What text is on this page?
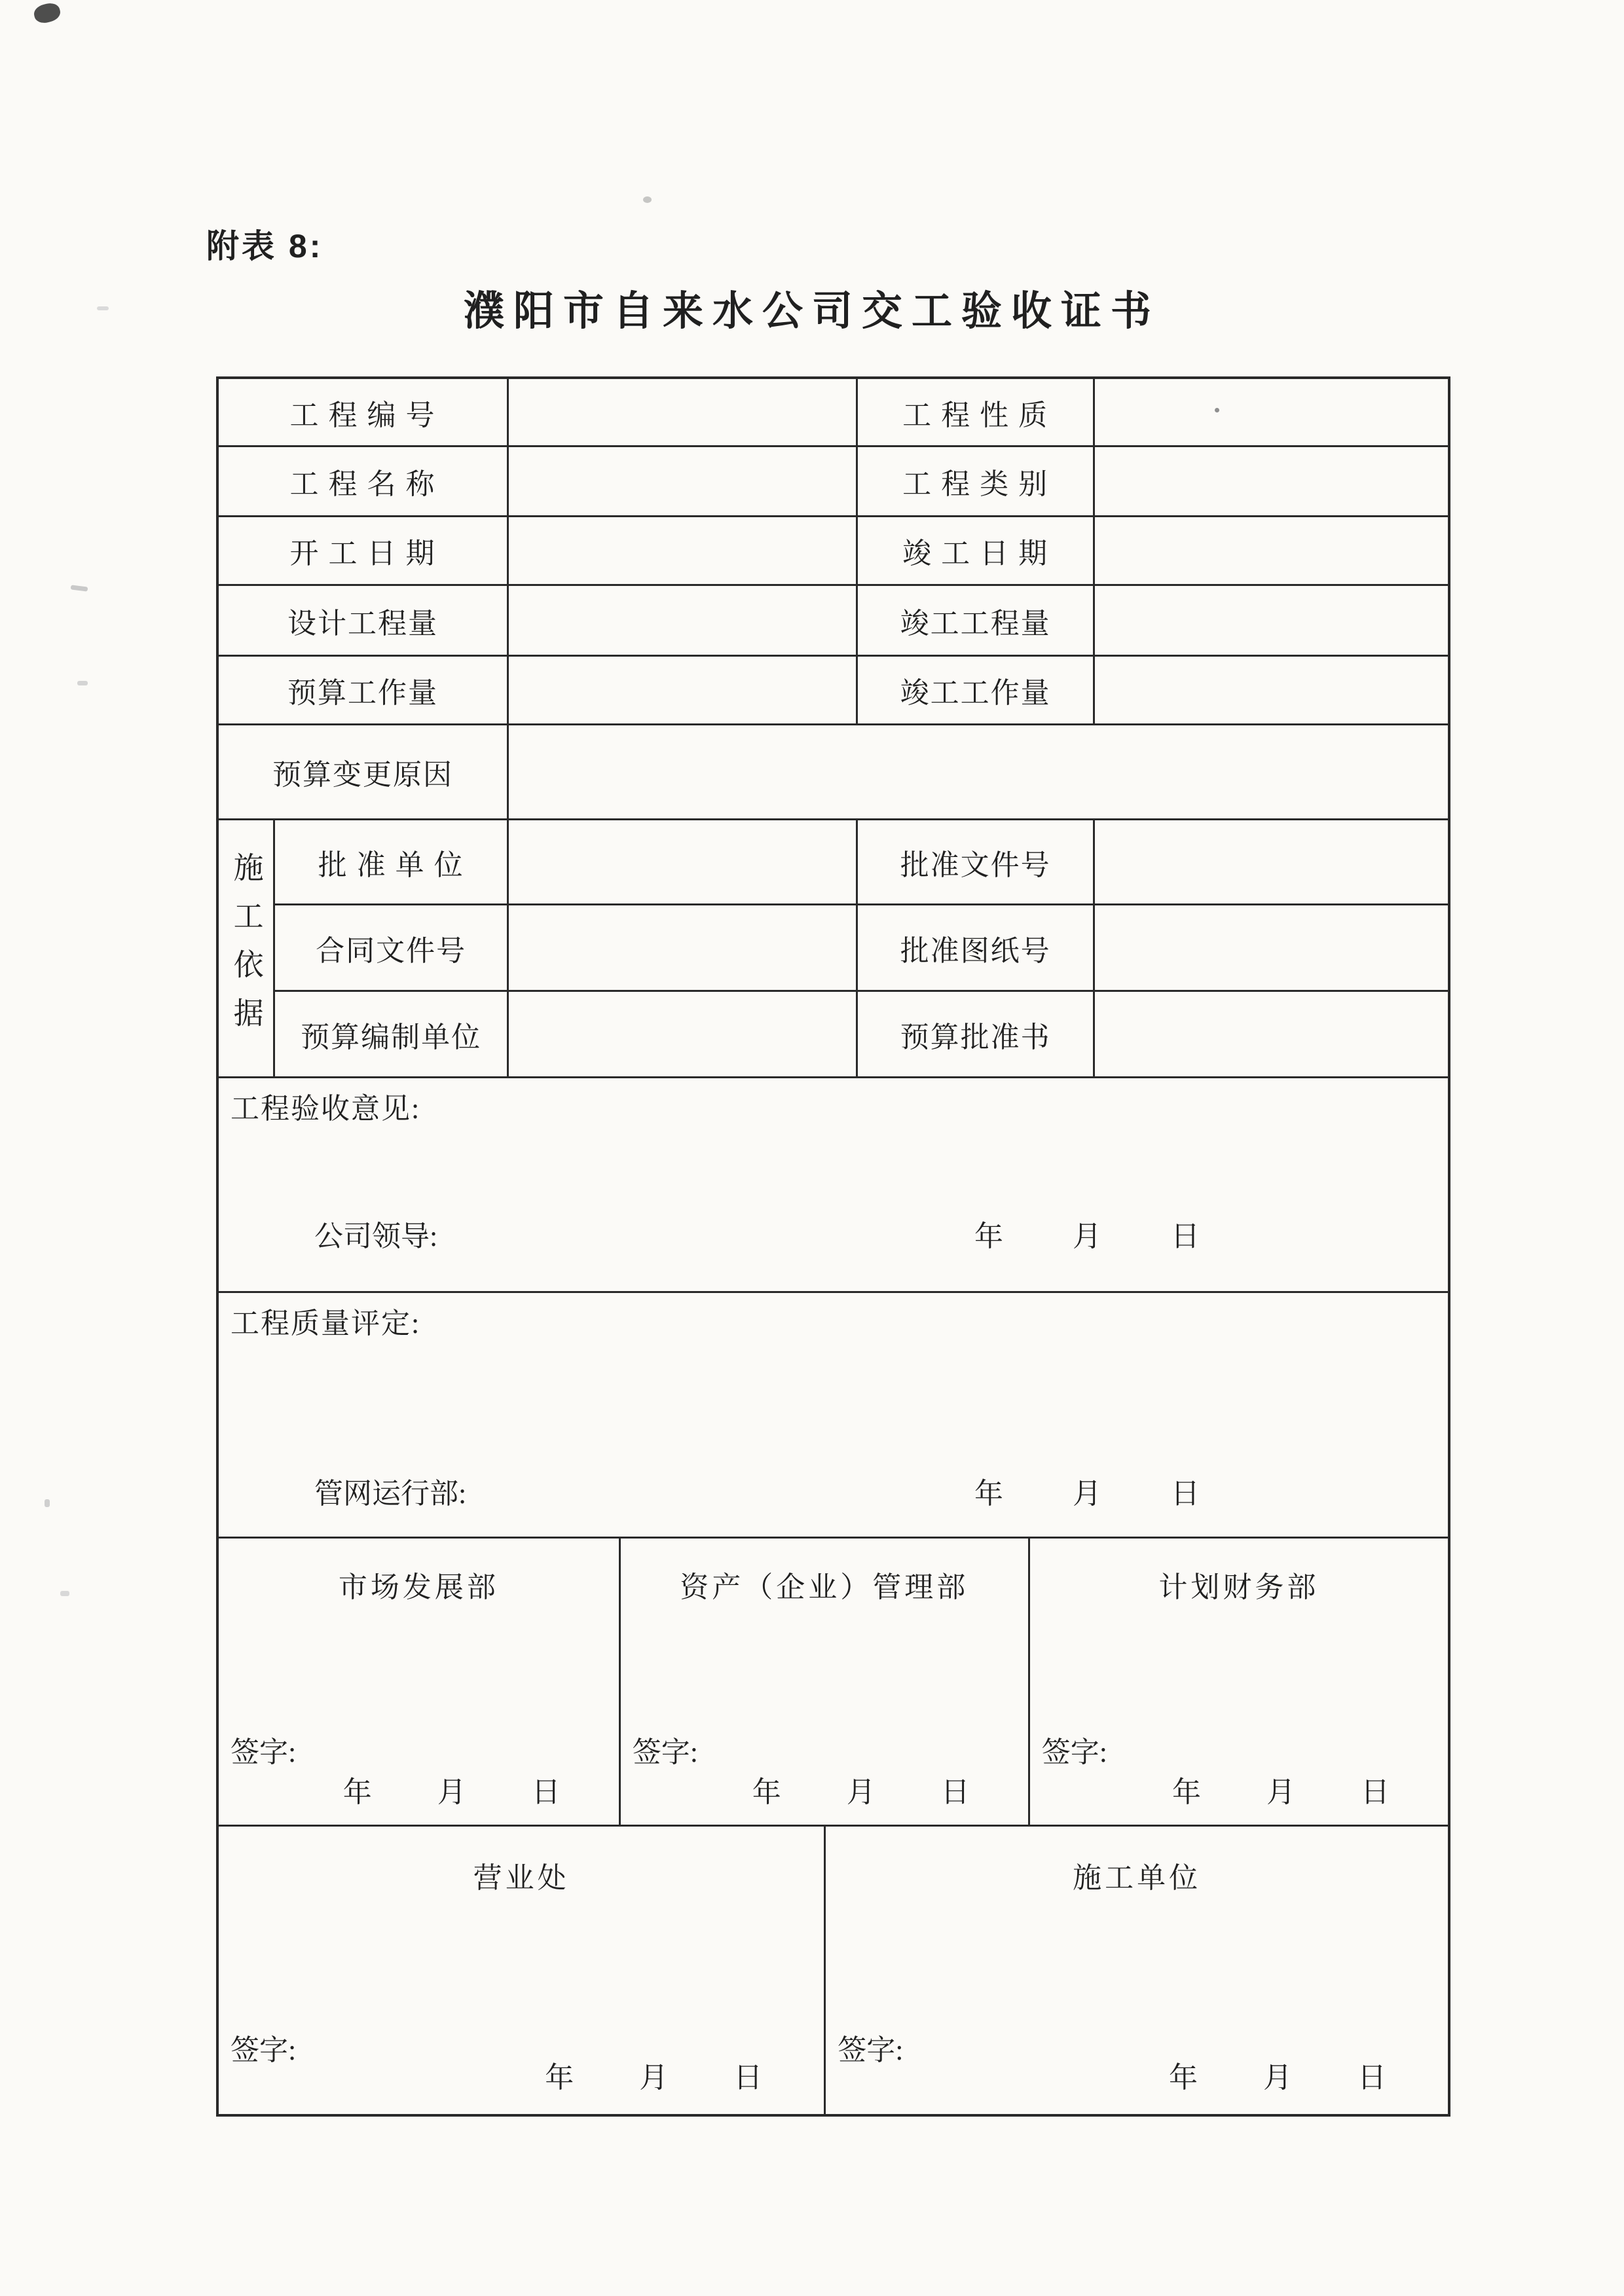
附表 8:
濮阳市自来水公司交工验收证书
工 程 编 号	工 程 性 质
工 程 名 称	工 程 类 别
开 工 日 期	竣 工 日 期
设计工程量	竣工工程量
预算工作量	竣工工作量
预算变更原因
施工依据	批 准 单 位	批准文件号
合同文件号	批准图纸号
预算编制单位	预算批准书
工程验收意见:
公司领导:	年　　月　　日
工程质量评定:
管网运行部:	年　　月　　日
市场发展部
签字:
年　　月　　日
资产（企业）管理部
签字:
年　　月　　日
计划财务部
签字:
年　　月　　日
营业处
签字:
年　　月　　日
施工单位
签字:
年　　月　　日
